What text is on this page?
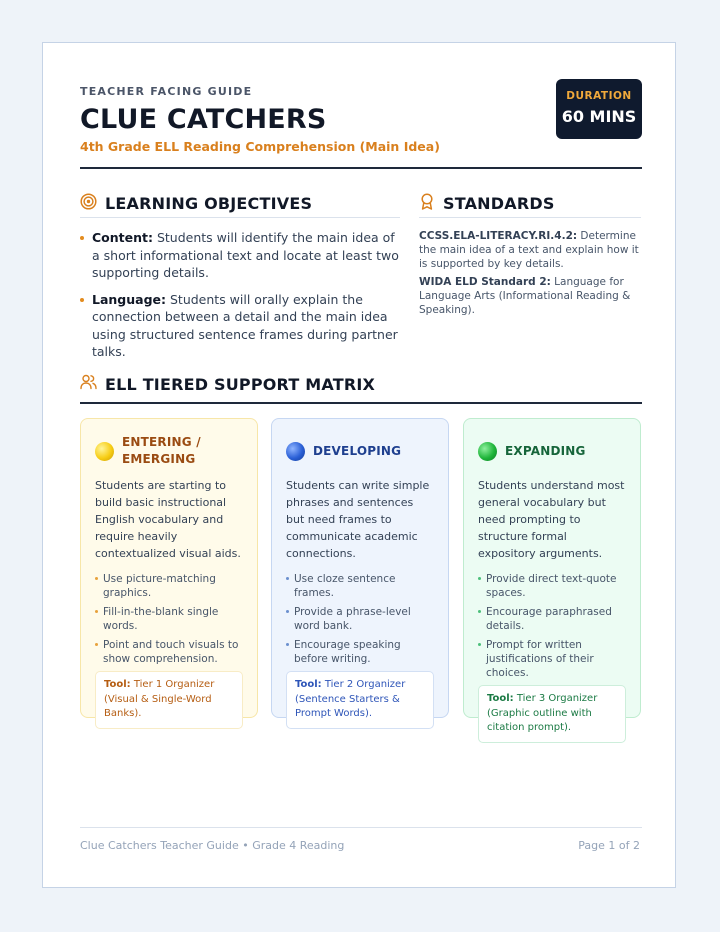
TEACHER FACING GUIDE
CLUE CATCHERS
4th Grade ELL Reading Comprehension (Main Idea)
DURATION
60 MINS
LEARNING OBJECTIVES
Content: Students will identify the main idea of a short informational text and locate at least two supporting details.
Language: Students will orally explain the connection between a detail and the main idea using structured sentence frames during partner talks.
STANDARDS

CCSS.ELA-LITERACY.RI.4.2: Determine the main idea of a text and explain how it is supported by key details.

WIDA ELD Standard 2: Language for Language Arts (Informational Reading & Speaking).

ELL TIERED SUPPORT MATRIX
ENTERING /
EMERGING
Students are starting to build basic instructional English vocabulary and require heavily contextualized visual aids.
Use picture-matching graphics.
Fill-in-the-blank single words.
Point and touch visuals to show comprehension.
Tool: Tier 1 Organizer (Visual & Single-Word Banks).
DEVELOPING
Students can write simple phrases and sentences but need frames to communicate academic connections.
Use cloze sentence frames.
Provide a phrase-level word bank.
Encourage speaking before writing.
Tool: Tier 2 Organizer (Sentence Starters & Prompt Words).
EXPANDING
Students understand most general vocabulary but need prompting to structure formal expository arguments.
Provide direct text-quote spaces.
Encourage paraphrased details.
Prompt for written justifications of their choices.
Tool: Tier 3 Organizer (Graphic outline with citation prompt).
Clue Catchers Teacher Guide • Grade 4 Reading	Page 1 of 2
